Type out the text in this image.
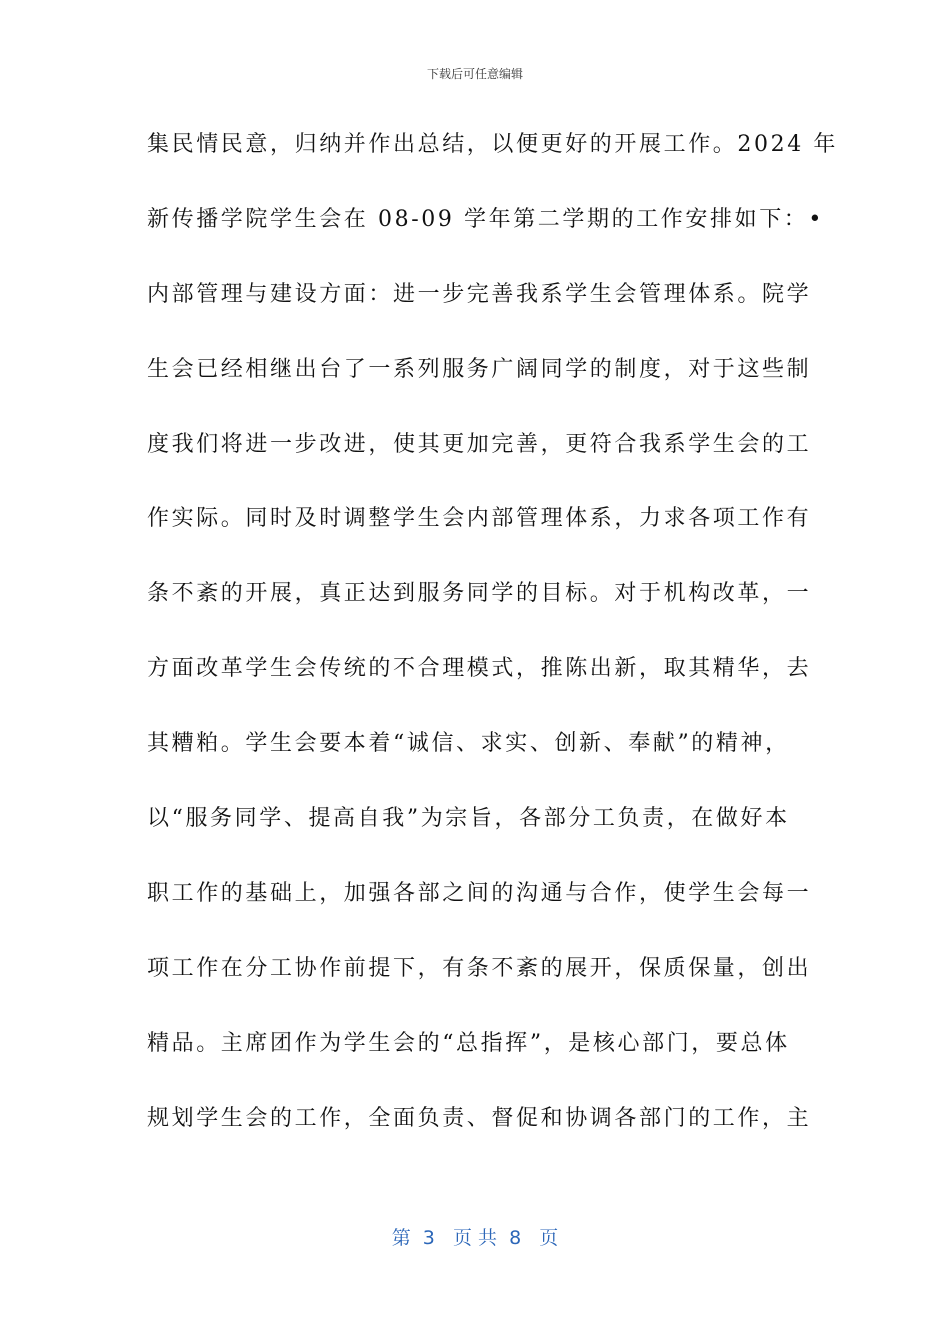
下载后可任意编辑
集民情民意，归纳并作出总结，以便更好的开展工作。2024 年
新传播学院学生会在 08-09 学年第二学期的工作安排如下：•
内部管理与建设方面：进一步完善我系学生会管理体系。院学
生会已经相继出台了一系列服务广阔同学的制度，对于这些制
度我们将进一步改进，使其更加完善，更符合我系学生会的工
作实际。同时及时调整学生会内部管理体系，力求各项工作有
条不紊的开展，真正达到服务同学的目标。对于机构改革，一
方面改革学生会传统的不合理模式，推陈出新，取其精华，去
其糟粕。学生会要本着“诚信、求实、创新、奉献”的精神，
以“服务同学、提高自我”为宗旨，各部分工负责，在做好本
职工作的基础上，加强各部之间的沟通与合作，使学生会每一
项工作在分工协作前提下，有条不紊的展开，保质保量，创出
精品。主席团作为学生会的“总指挥”，是核心部门，要总体
规划学生会的工作，全面负责、督促和协调各部门的工作，主
第  3   页 共  8   页
